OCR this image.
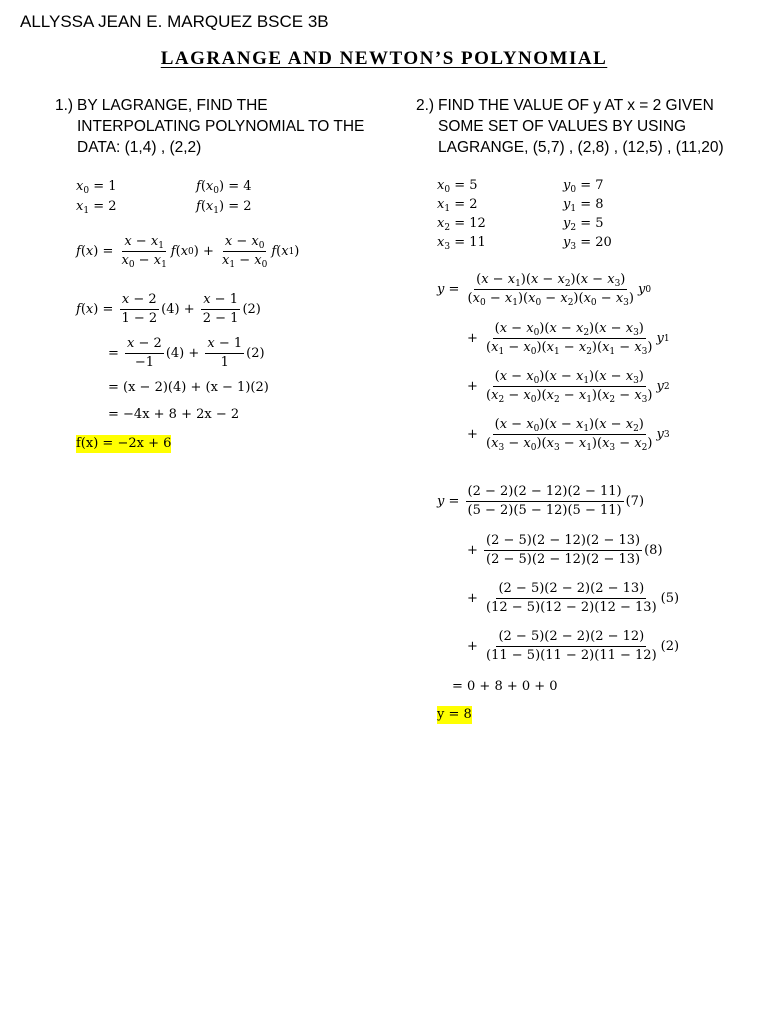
ALLYSSA JEAN E. MARQUEZ BSCE 3B
LAGRANGE AND NEWTON’S POLYNOMIAL
1.) BY LAGRANGE, FIND THE INTERPOLATING POLYNOMIAL TO THE DATA: (1,4) , (2,2)
$x_0 = 1$
$x_1 = 2$
$f(x_0) = 4$
$f(x_1) = 2$
f ( x ) = $\frac{x - x_1}{x_0 - x_1}$ f ( x 0 ) + $\frac{x - x_0}{x_1 - x_0}$ f ( x 1 )
f ( x ) = $\frac{x - 2}{1 - 2} (4) + \frac{x - 1}{2 - 1} (2)$
= $\frac{x - 2}{-1} (4) + \frac{x - 1}{1} (2)$
= (x − 2)(4) + (x − 1)(2)
= −4x + 8 + 2x − 2
f(x) = −2x + 6
2.) FIND THE VALUE OF y AT x = 2 GIVEN SOME SET OF VALUES BY USING LAGRANGE, (5,7) , (2,8) , (12,5) , (11,20)
$x_0 = 5$
$x_1 = 2$
$x_2 = 12$
$x_3 = 11$
$y_0 = 7$
$y_1 = 8$
$y_2 = 5$
$y_3 = 20$
$y = \frac{(x - x_1)(x - x_2)(x - x_3)}{(x_0 - x_1)(x_0 - x_2)(x_0 - x_3)}$ y 0
+ $\frac{(x - x_0)(x - x_2)(x - x_3)}{(x_1 - x_0)(x_1 - x_2)(x_1 - x_3)}$ y 1
+ $\frac{(x - x_0)(x - x_1)(x - x_3)}{(x_2 - x_0)(x_2 - x_1)(x_2 - x_3)}$ y 2
+ $\frac{(x - x_0)(x - x_1)(x - x_2)}{(x_3 - x_0)(x_3 - x_1)(x_3 - x_2)}$ y 3
$y = \frac{(2 - 2)(2 - 12)(2 - 11)}{(5 - 2)(5 - 12)(5 - 11)} (7)$
+ $\frac{(2 - 5)(2 - 12)(2 - 13)}{(2 - 5)(2 - 12)(2 - 13)} (8)$
+ $\frac{(2 - 5)(2 - 2)(2 - 13)}{(12 - 5)(12 - 2)(12 - 13)} (5)$
+ $\frac{(2 - 5)(2 - 2)(2 - 12)}{(11 - 5)(11 - 2)(11 - 12)} (2)$
= 0 + 8 + 0 + 0
y = 8
